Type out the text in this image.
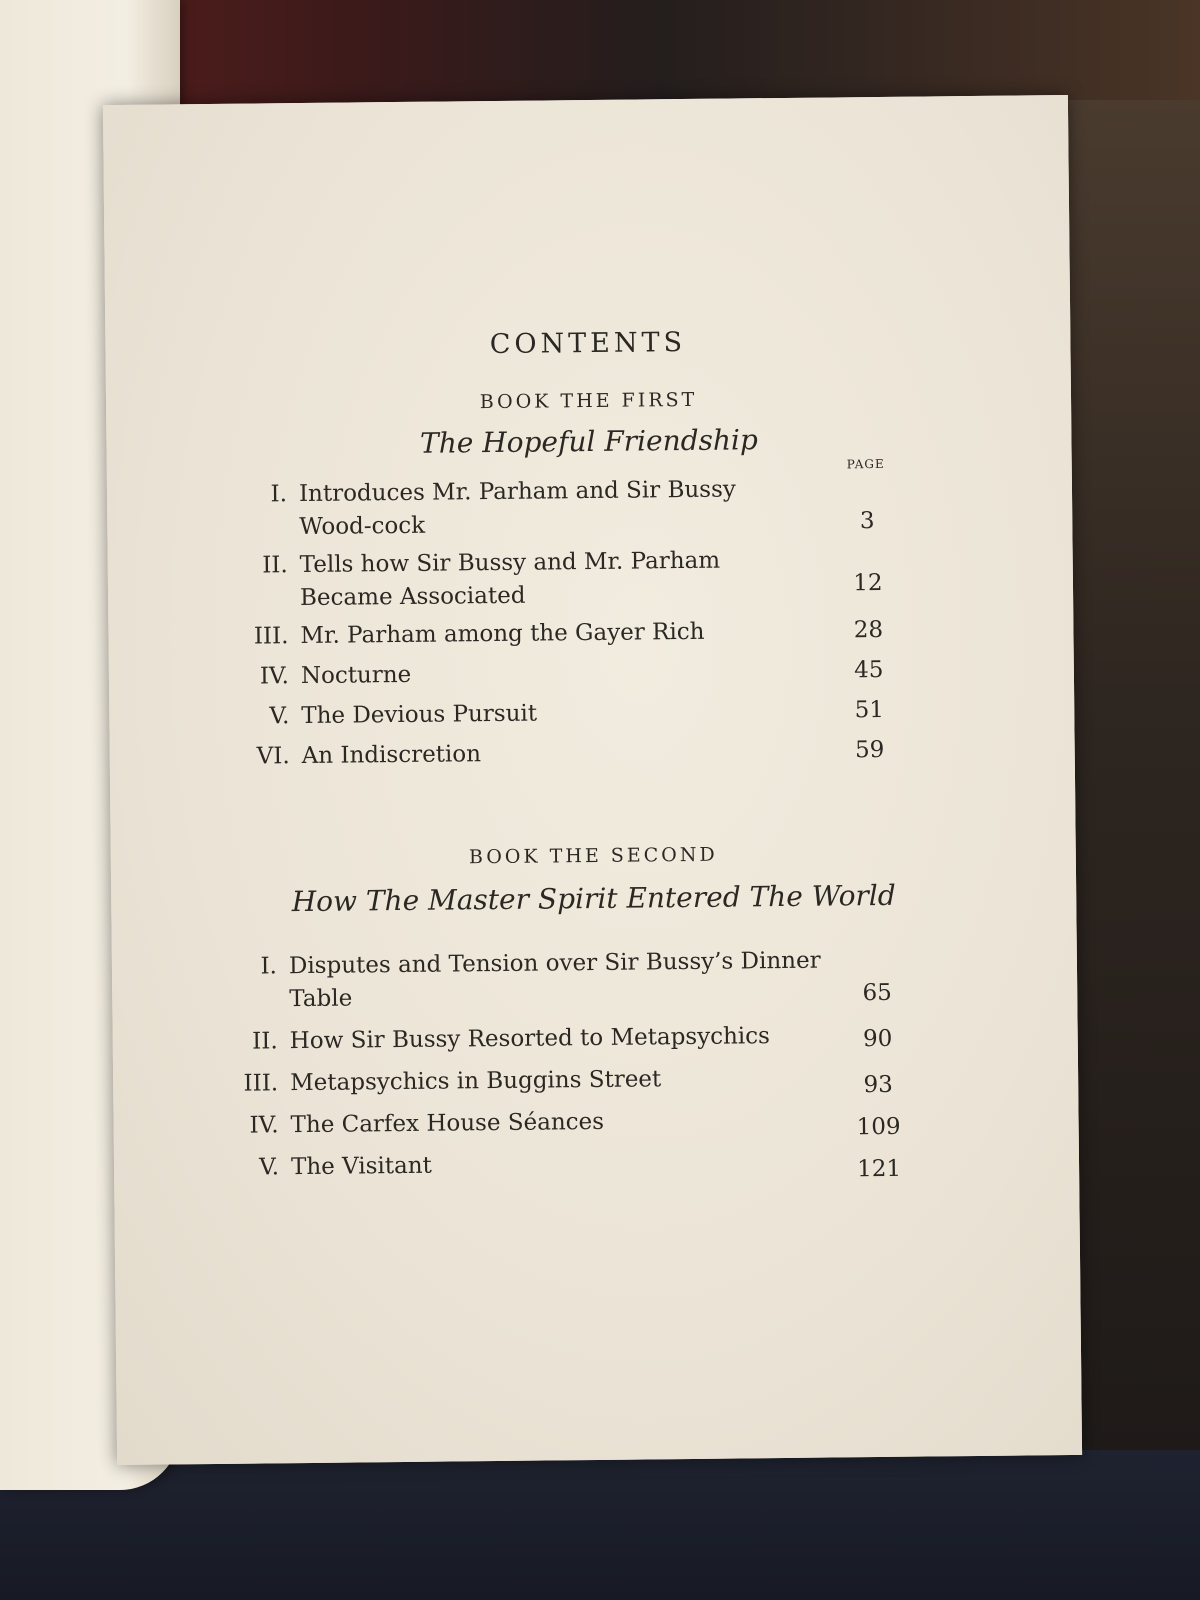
CONTENTS
BOOK THE FIRST
The Hopeful Friendship
PAGE
I. Introduces Mr. Parham and Sir Bussy Wood-cock	3
II. Tells how Sir Bussy and Mr. Parham Became Associated	12
III. Mr. Parham among the Gayer Rich	28
IV. Nocturne	45
V. The Devious Pursuit	51
VI. An Indiscretion	59
BOOK THE SECOND
How The Master Spirit Entered The World
I. Disputes and Tension over Sir Bussy’s Dinner Table	65
II. How Sir Bussy Resorted to Metapsychics	90
III. Metapsychics in Buggins Street	93
IV. The Carfex House Séances	109
V. The Visitant	121
